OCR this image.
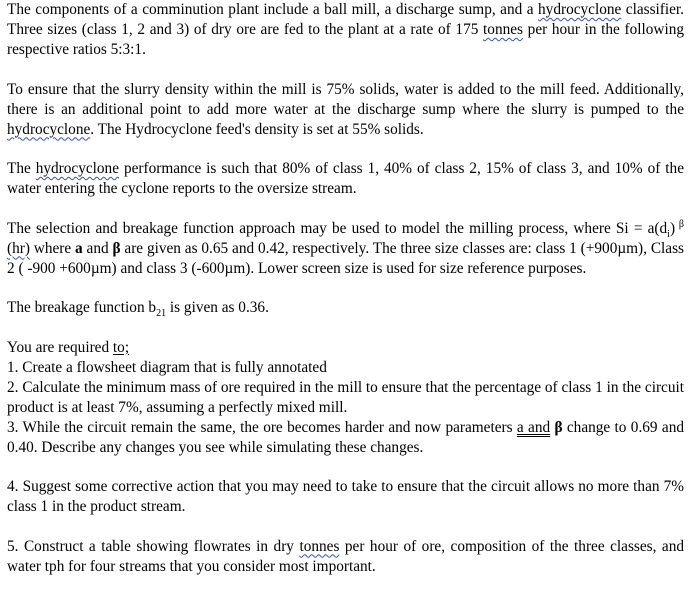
The components of a comminution plant include a ball mill, a discharge sump, and a hydrocyclone classifier. Three sizes (class 1, 2 and 3) of dry ore are fed to the plant at a rate of 175 tonnes per hour in the following respective ratios 5:3:1.

To ensure that the slurry density within the mill is 75% solids, water is added to the mill feed. Additionally, there is an additional point to add more water at the discharge sump where the slurry is pumped to the hydrocyclone. The Hydrocyclone feed's density is set at 55% solids.

The hydrocyclone performance is such that 80% of class 1, 40% of class 2, 15% of class 3, and 10% of the water entering the cyclone reports to the oversize stream.

The selection and breakage function approach may be used to model the milling process, where $Si = a(d_i)$ $^\beta$ (hr) where a and β are given as 0.65 and 0.42, respectively. The three size classes are: class 1 (+900µm), Class 2 ( -900 +600µm) and class 3 (-600µm). Lower screen size is used for size reference purposes.

The breakage function $b_{21}$ is given as 0.36.

You are required to;

1. Create a flowsheet diagram that is fully annotated

2. Calculate the minimum mass of ore required in the mill to ensure that the percentage of class 1 in the circuit product is at least 7%, assuming a perfectly mixed mill.

3. While the circuit remain the same, the ore becomes harder and now parameters a and β change to 0.69 and 0.40. Describe any changes you see while simulating these changes.

4. Suggest some corrective action that you may need to take to ensure that the circuit allows no more than 7% class 1 in the product stream.

5. Construct a table showing flowrates in dry tonnes per hour of ore, composition of the three classes, and water tph for four streams that you consider most important.
